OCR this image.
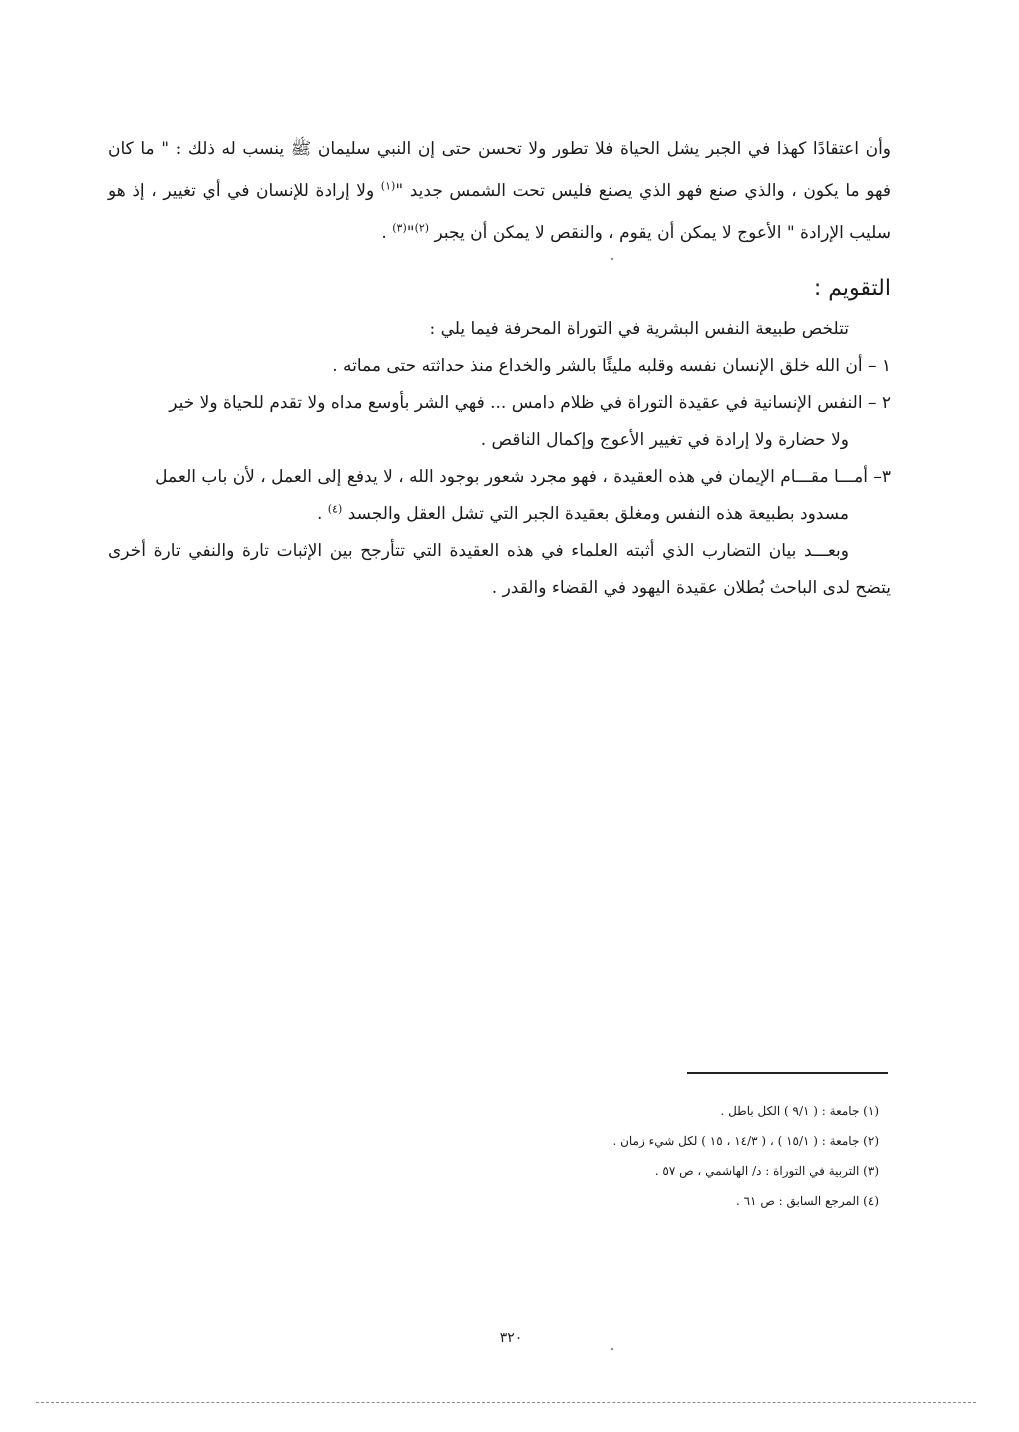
وأن اعتقادًا كهذا في الجبر يشل الحياة فلا تطور ولا تحسن حتى إن النبي سليمان ﷺ ينسب له ذلك : " ما كان فهو ما يكون ، والذي صنع فهو الذي يصنع فليس تحت الشمس جديد "$^{(١)}$ ولا إرادة للإنسان في أي تغيير ، إذ هو سليب الإرادة " الأعوج لا يمكن أن يقوم ، والنقص لا يمكن أن يجبر $^{(٢)}$"$^{(٣)}$ .

التقويم :

تتلخص طبيعة النفس البشرية في التوراة المحرفة فيما يلي :

١ – أن الله خلق الإنسان نفسه وقلبه مليئًا بالشر والخداع منذ حداثته حتى مماته .

٢ – النفس الإنسانية في عقيدة التوراة في ظلام دامس ... فهي الشر بأوسع مداه ولا تقدم للحياة ولا خير
ولا حضارة ولا إرادة في تغيير الأعوج وإكمال الناقص .

٣– أمـــا مقـــام الإيمان في هذه العقيدة ، فهو مجرد شعور بوجود الله ، لا يدفع إلى العمل ، لأن باب العمل
مسدود بطبيعة هذه النفس ومغلق بعقيدة الجبر التي تشل العقل والجسد $^{(٤)}$ .

وبعـــد بيان التضارب الذي أثبته العلماء في هذه العقيدة التي تتأرجح بين الإثبات تارة والنفي تارة أخرى يتضح لدى الباحث بُطلان عقيدة اليهود في القضاء والقدر .

(١) جامعة : ( ٩/١ ) الكل باطل .
(٢) جامعة : ( ١٥/١ ) ، ( ١٤/٣ ، ١٥ ) لكل شيء زمان .
(٣) التربية في التوراة : د/ الهاشمي ، ص ٥٧ .
(٤) المرجع السابق : ص ٦١ .
٣٢٠
